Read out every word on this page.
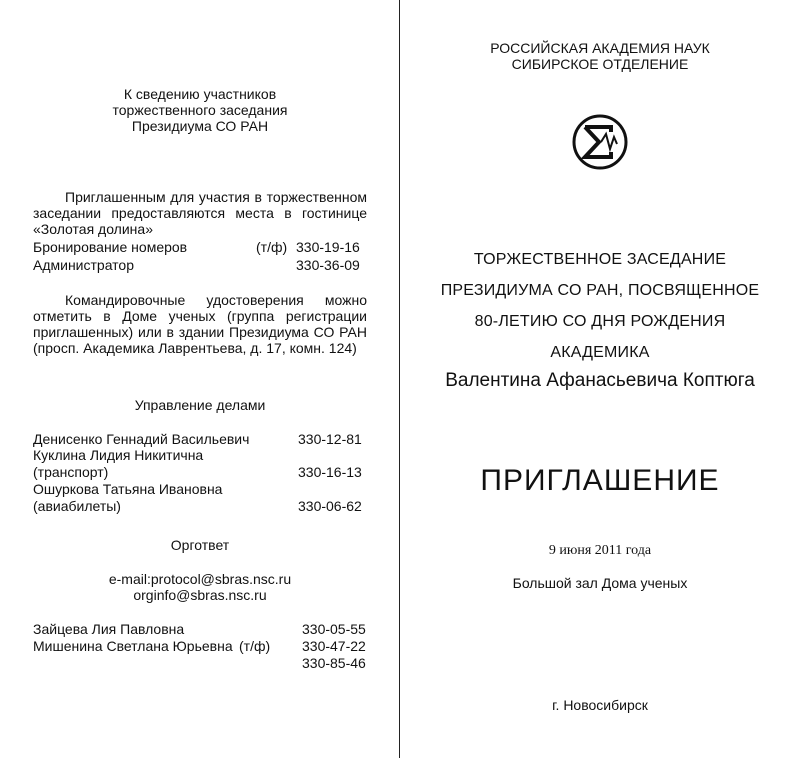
К сведению участников
торжественного заседания
Президиума СО РАН
Приглашенным для участия в торжественном заседании предоставляются места в гостинице «Золотая долина»
Бронирование номеров	(т/ф) 330-19-16
Администратор	330-36-09
Командировочные удостоверения можно отметить в Доме ученых (группа регистрации приглашенных) или в здании Президиума СО РАН (просп. Академика Лаврентьева, д. 17, комн. 124)
Управление делами
Денисенко Геннадий Васильевич	330-12-81
Куклина Лидия Никитична
(транспорт)	330-16-13
Ошуркова Татьяна Ивановна
(авиабилеты)	330-06-62
Оргответ
e-mail:protocol@sbras.nsc.ru
orginfo@sbras.nsc.ru
Зайцева Лия Павловна	330-05-55
Мишенина Светлана Юрьевна (т/ф) 330-47-22
330-85-46
РОССИЙСКАЯ АКАДЕМИЯ НАУК
СИБИРСКОЕ ОТДЕЛЕНИЕ
ТОРЖЕСТВЕННОЕ ЗАСЕДАНИЕ
ПРЕЗИДИУМА СО РАН, ПОСВЯЩЕННОЕ
80-ЛЕТИЮ СО ДНЯ РОЖДЕНИЯ
АКАДЕМИКА
Валентина Афанасьевича Коптюга
ПРИГЛАШЕНИЕ
9 июня 2011 года
Большой зал Дома ученых
г. Новосибирск
